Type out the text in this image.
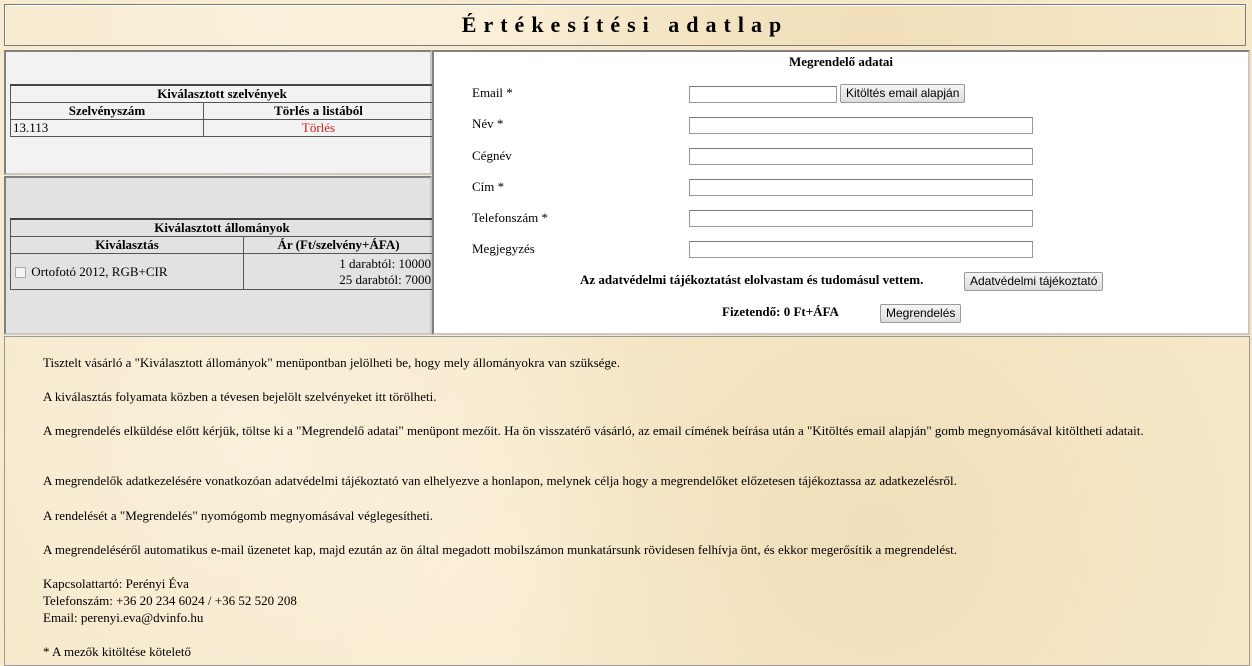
Értékesítési adatlap
Kiválasztott szelvények	
Szelvényszám	Törlés a listából
13.113	Törlés
Kiválasztott állományok	
Kiválasztás	Ár (Ft/szelvény+ÁFA)
Ortofotó 2012, RGB+CIR	1 darabtól: 10000
25 darabtól: 7000
Megrendelő adatai
Email *	Kitöltés email alapján
Név *
Cégnév
Cím *
Telefonszám *
Megjegyzés
Az adatvédelmi tájékoztatást elolvastam és tudomásul vettem.	Adatvédelmi tájékoztató
Fizetendő: 0 Ft+ÁFA	Megrendelés

Tisztelt vásárló a "Kiválasztott állományok" menüpontban jelölheti be, hogy mely állományokra van szüksége.

A kiválasztás folyamata közben a tévesen bejelölt szelvényeket itt törölheti.

A megrendelés elküldése előtt kérjük, töltse ki a "Megrendelő adatai" menüpont mezőit. Ha ön visszatérő vásárló, az email címének beírása után a "Kitöltés email alapján" gomb megnyomásával kitöltheti adatait.

A megrendelők adatkezelésére vonatkozóan adatvédelmi tájékoztató van elhelyezve a honlapon, melynek célja hogy a megrendelőket előzetesen tájékoztassa az adatkezelésről.

A rendelését a "Megrendelés" nyomógomb megnyomásával véglegesítheti.

A megrendeléséről automatikus e-mail üzenetet kap, majd ezután az ön által megadott mobilszámon munkatársunk rövidesen felhívja önt, és ekkor megerősítik a megrendelést.

Kapcsolattartó: Perényi Éva

Telefonszám: +36 20 234 6024 / +36 52 520 208

Email: perenyi.eva@dvinfo.hu

* A mezők kitöltése kötelető
